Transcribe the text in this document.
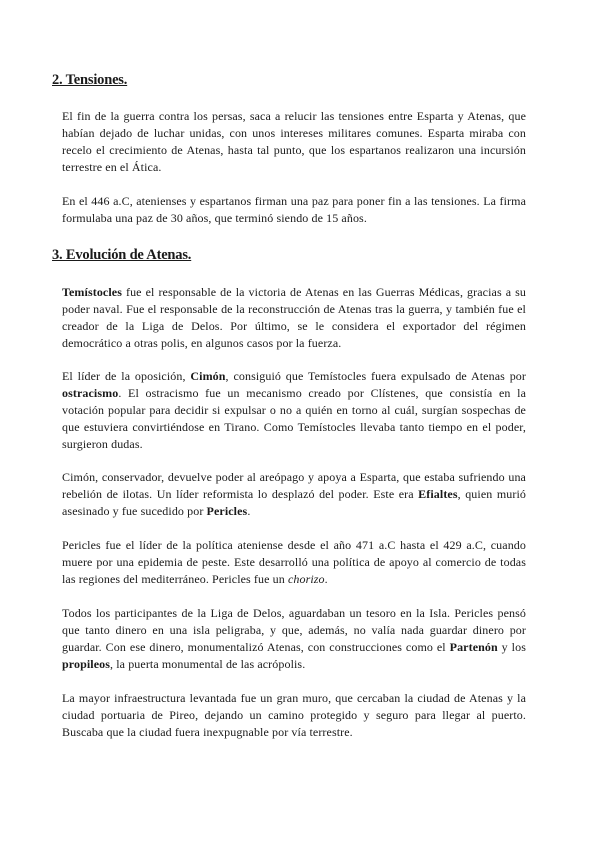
2. Tensiones.

El fin de la guerra contra los persas, saca a relucir las tensiones entre Esparta y Atenas, que habían dejado de luchar unidas, con unos intereses militares comunes. Esparta miraba con recelo el crecimiento de Atenas, hasta tal punto, que los espartanos realizaron una incursión terrestre en el Ática.

En el 446 a.C, atenienses y espartanos firman una paz para poner fin a las tensiones. La firma formulaba una paz de 30 años, que terminó siendo de 15 años.

3. Evolución de Atenas.

Temístocles fue el responsable de la victoria de Atenas en las Guerras Médicas, gracias a su poder naval. Fue el responsable de la reconstrucción de Atenas tras la guerra, y también fue el creador de la Liga de Delos. Por último, se le considera el exportador del régimen democrático a otras polis, en algunos casos por la fuerza.

El líder de la oposición, Cimón, consiguió que Temístocles fuera expulsado de Atenas por ostracismo. El ostracismo fue un mecanismo creado por Clístenes, que consistía en la votación popular para decidir si expulsar o no a quién en torno al cuál, surgían sospechas de que estuviera convirtiéndose en Tirano. Como Temístocles llevaba tanto tiempo en el poder, surgieron dudas.

Cimón, conservador, devuelve poder al areópago y apoya a Esparta, que estaba sufriendo una rebelión de ilotas. Un líder reformista lo desplazó del poder. Este era Efialtes, quien murió asesinado y fue sucedido por Pericles.

Pericles fue el líder de la política ateniense desde el año 471 a.C hasta el 429 a.C, cuando muere por una epidemia de peste. Este desarrolló una política de apoyo al comercio de todas las regiones del mediterráneo. Pericles fue un chorizo.

Todos los participantes de la Liga de Delos, aguardaban un tesoro en la Isla. Pericles pensó que tanto dinero en una isla peligraba, y que, además, no valía nada guardar dinero por guardar. Con ese dinero, monumentalizó Atenas, con construcciones como el Partenón y los propileos, la puerta monumental de las acrópolis.

La mayor infraestructura levantada fue un gran muro, que cercaban la ciudad de Atenas y la ciudad portuaria de Pireo, dejando un camino protegido y seguro para llegar al puerto. Buscaba que la ciudad fuera inexpugnable por vía terrestre.
